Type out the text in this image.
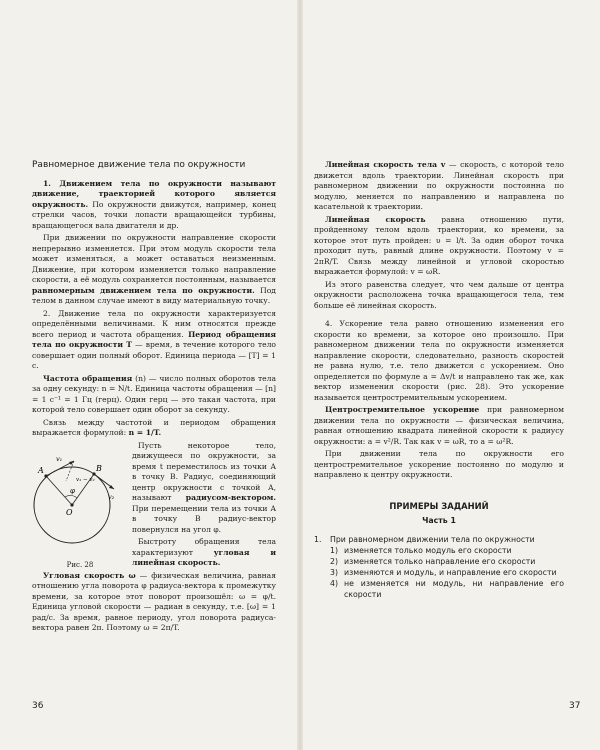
Равномерное движение тела по окружности

1. Движением тела по окружности называют движение, траекторией которого является окружность. По окружности движутся, например, конец стрелки часов, точки лопасти вращающейся турбины, вращающегося вала двигателя и др.

При движении по окружности направление скорости непрерывно изменяется. При этом модуль скорости тела может изменяться, а может оставаться неизменным. Движение, при котором изменяется только направление скорости, а её модуль сохраняется постоянным, называется равномерным движением тела по окружности. Под телом в данном случае имеют в виду материальную точку.

2. Движение тела по окружности характеризуется определёнными величинами. К ним относятся прежде всего период и частота обращения. Период обращения тела по окружности T — время, в течение которого тело совершает один полный оборот. Единица периода — [T] = 1 с.

Частота обращения (n) — число полных оборотов тела за одну секунду: n = N/t. Единица частоты обращения — [n] = 1 с⁻¹ = 1 Гц (герц). Один герц — это такая частота, при которой тело совершает один оборот за секунду.

Связь между частотой и периодом обращения выражается формулой: n = 1/T.

A	B
O
φ
v₁
v₂
v₁ − v₂
Рис. 28

Пусть некоторое тело, движущееся по окружности, за время t переместилось из точки A в точку B. Радиус, соединяющий центр окружности с точкой A, называют радиусом-вектором. При перемещении тела из точки A в точку B радиус-вектор повернулся на угол φ.

Быстроту обращения тела характеризуют угловая и линейная скорость.

Угловая скорость ω — физическая величина, равная отношению угла поворота φ радиуса-вектора к промежутку времени, за которое этот поворот произошёл: ω = φ/t. Единица угловой скорости — радиан в секунду, т.е. [ω] = 1 рад/с. За время, равное периоду, угол поворота радиуса-вектора равен 2π. Поэтому ω = 2π/T.

36

Линейная скорость тела v — скорость, с которой тело движется вдоль траектории. Линейная скорость при равномерном движении по окружности постоянна по модулю, меняется по направлению и направлена по касательной к траектории.

Линейная скорость равна отношению пути, пройденному телом вдоль траектории, ко времени, за которое этот путь пройден: υ = l/t. За один оборот точка проходит путь, равный длине окружности. Поэтому v = 2πR/T. Связь между линейной и угловой скоростью выражается формулой: v = ωR.

Из этого равенства следует, что чем дальше от центра окружности расположена точка вращающегося тела, тем больше её линейная скорость.

4. Ускорение тела равно отношению изменения его скорости ко времени, за которое оно произошло. При равномерном движении тела по окружности изменяется направление скорости, следовательно, разность скоростей не равна нулю, т.е. тело движется с ускорением. Оно определяется по формуле a = Δv/t и направлено так же, как вектор изменения скорости (рис. 28). Это ускорение называется центростремительным ускорением.

Центростремительное ускорение при равномерном движении тела по окружности — физическая величина, равная отношению квадрата линейной скорости к радиусу окружности: a = v²/R. Так как v = ωR, то a = ω²R.

При движении тела по окружности его центростремительное ускорение постоянно по модулю и направлено к центру окружности.

ПРИМЕРЫ ЗАДАНИЙ
Часть 1
1.	При равномерном движении тела по окружности
1) изменяется только модуль его скорости
2) изменяется только направление его скорости
3) изменяются и модуль, и направление его скорости
4) не изменяется ни модуль, ни направление его скорости
37
